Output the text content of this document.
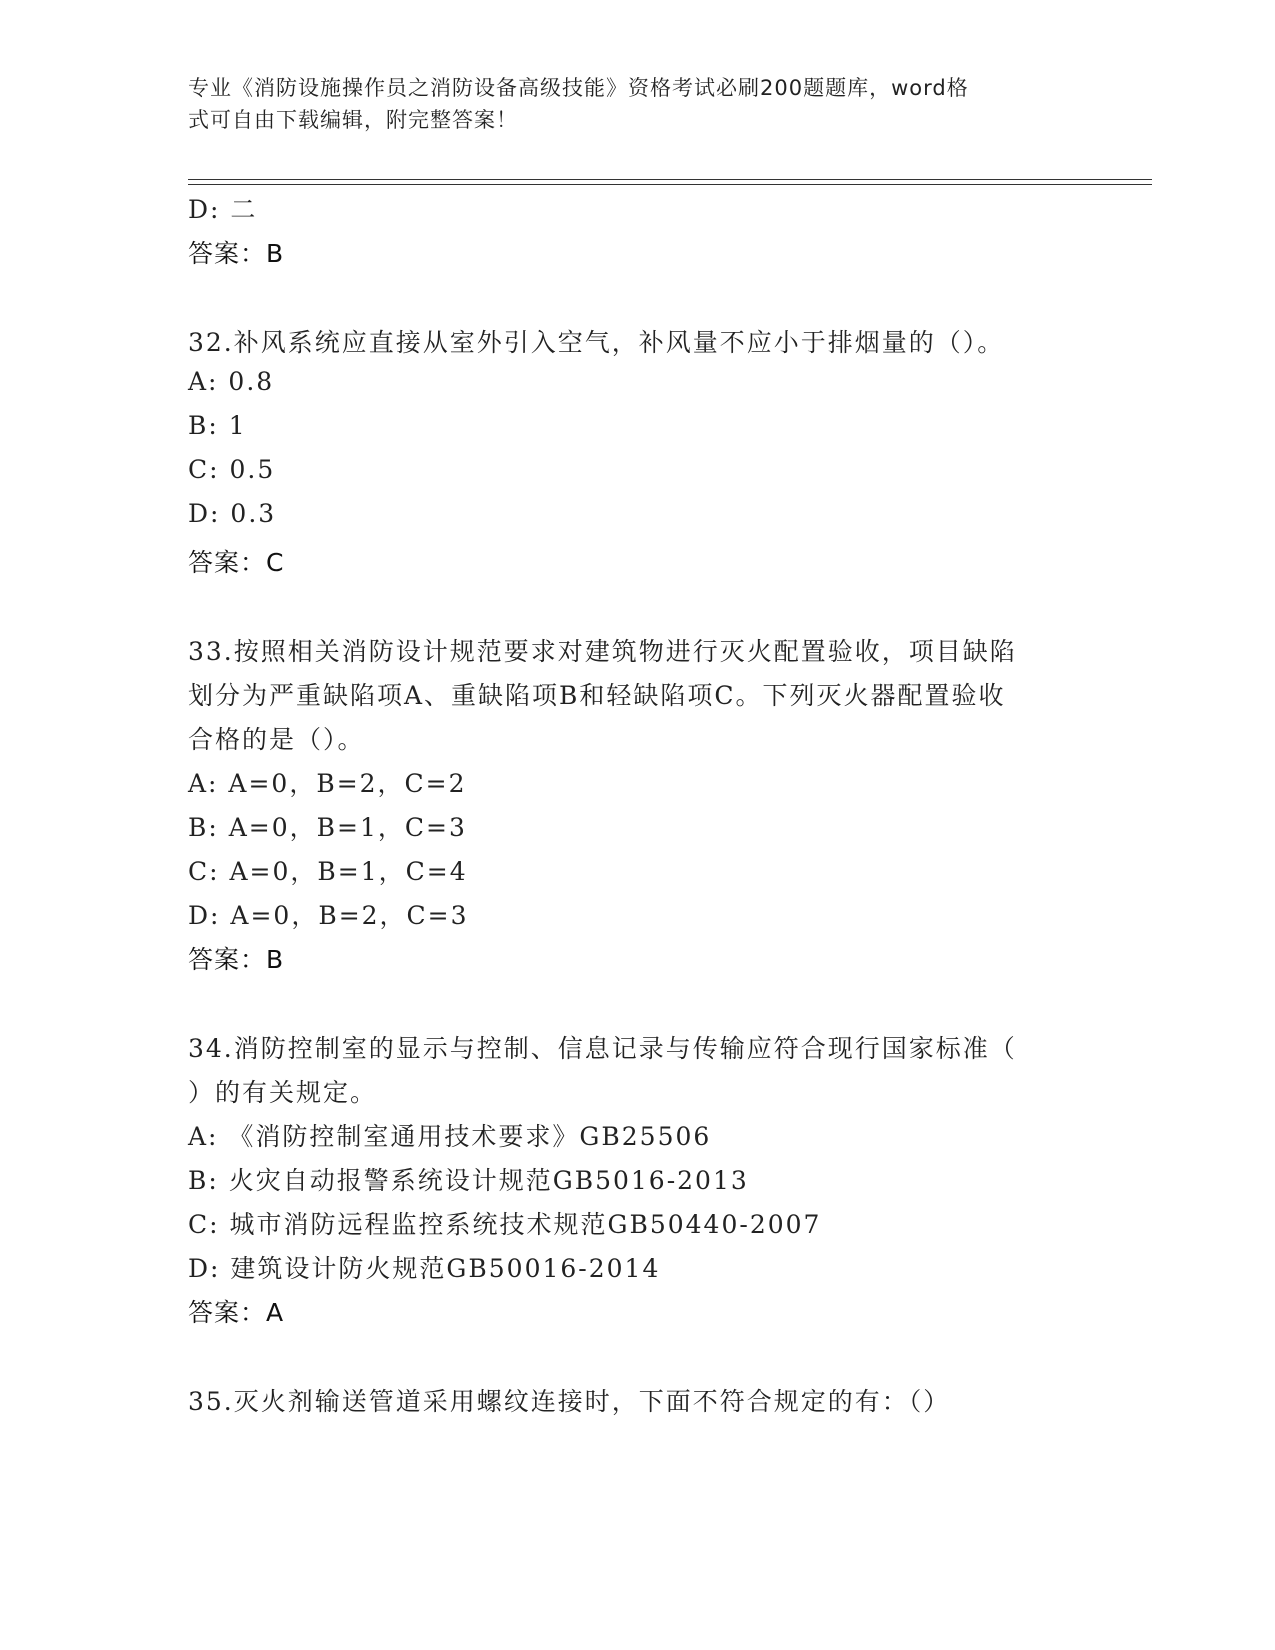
专业《消防设施操作员之消防设备高级技能》资格考试必刷200题题库，word格
式可自由下载编辑，附完整答案！
D: 二
答案：B
32.补风系统应直接从室外引入空气，补风量不应小于排烟量的（）。
A: 0.8
B: 1
C: 0.5
D: 0.3
答案：C
33.按照相关消防设计规范要求对建筑物进行灭火配置验收，项目缺陷
划分为严重缺陷项A、重缺陷项B和轻缺陷项C。下列灭火器配置验收
合格的是（）。
A: A=0，B=2，C=2
B: A=0，B=1，C=3
C: A=0，B=1，C=4
D: A=0，B=2，C=3
答案：B
34.消防控制室的显示与控制、信息记录与传输应符合现行国家标准（
）的有关规定。
A: 《消防控制室通用技术要求》GB25506
B: 火灾自动报警系统设计规范GB5016-2013
C: 城市消防远程监控系统技术规范GB50440-2007
D: 建筑设计防火规范GB50016-2014
答案：A
35.灭火剂输送管道采用螺纹连接时，下面不符合规定的有：（）
